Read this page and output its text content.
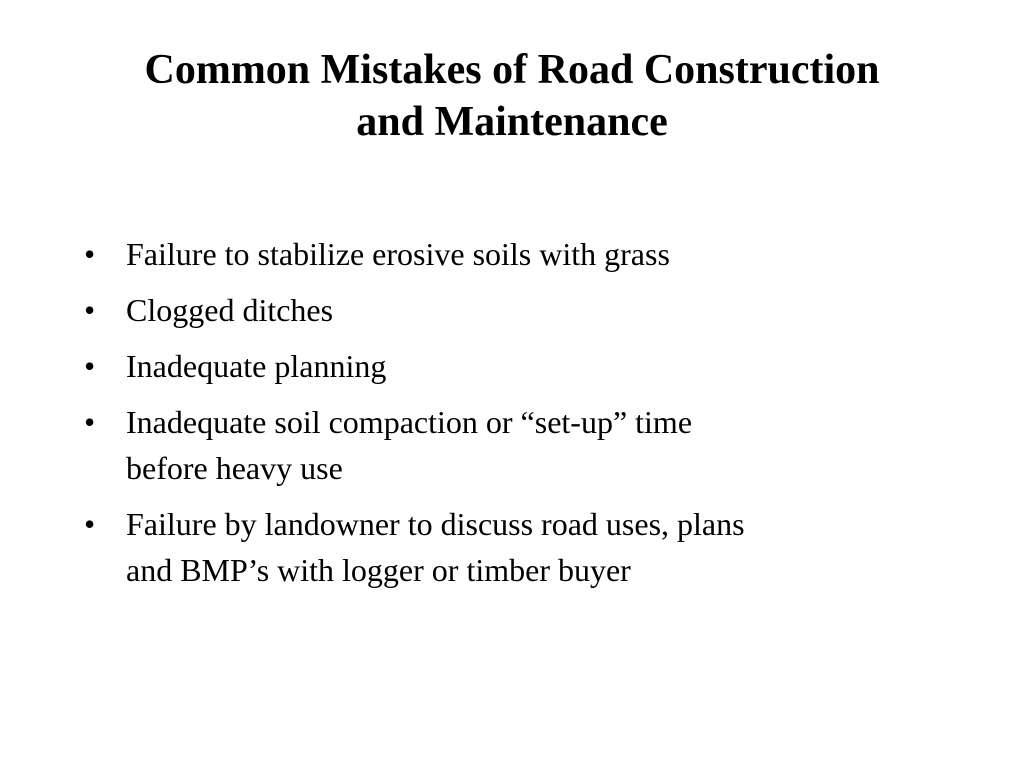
Common Mistakes of Road Construction
and Maintenance
• Failure to stabilize erosive soils with grass
• Clogged ditches
• Inadequate planning
• Inadequate soil compaction or “set-up” time
before heavy use
• Failure by landowner to discuss road uses, plans
and BMP’s with logger or timber buyer
